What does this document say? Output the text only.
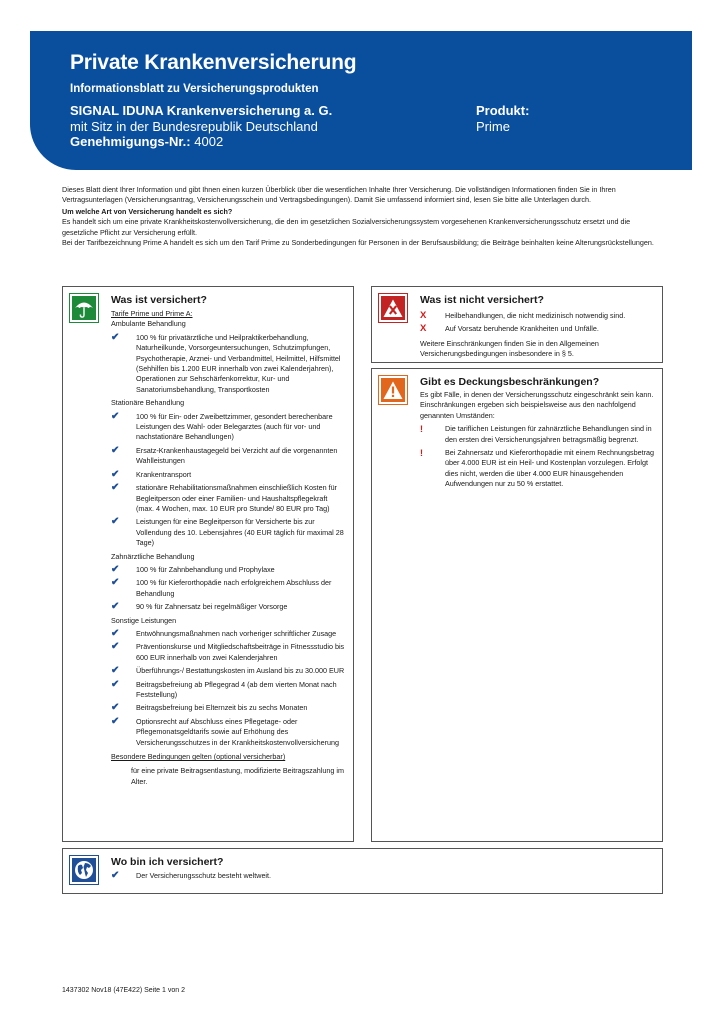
Private Krankenversicherung
Informationsblatt zu Versicherungsprodukten
SIGNAL IDUNA Krankenversicherung a. G.
mit Sitz in der Bundesrepublik Deutschland
Genehmigungs-Nr.: 4002
Produkt:
Prime

Dieses Blatt dient Ihrer Information und gibt Ihnen einen kurzen Überblick über die wesentlichen Inhalte Ihrer Versicherung. Die vollständigen Informationen finden Sie in Ihren Vertragsunterlagen (Versicherungsantrag, Versicherungsschein und Vertragsbedingungen). Damit Sie umfassend informiert sind, lesen Sie bitte alle Unterlagen durch.

Um welche Art von Versicherung handelt es sich?

Es handelt sich um eine private Krankheitskostenvollversicherung, die den im gesetzlichen Sozialversicherungssystem vorgesehenen Krankenversicherungsschutz ersetzt und die gesetzliche Pflicht zur Versicherung erfüllt.

Bei der Tarifbezeichnung Prime A handelt es sich um den Tarif Prime zu Sonderbedingungen für Personen in der Berufsausbildung; die Beiträge beinhalten keine Alterungsrückstellungen.

Was ist versichert?
Tarife Prime und Prime A:
Ambulante Behandlung
✔	100 % für privatärztliche und Heilpraktikerbehandlung, Naturheilkunde, Vorsorgeuntersuchungen, Schutzimpfungen, Psychotherapie, Arznei- und Verbandmittel, Heilmittel, Hilfsmittel (Sehhilfen bis 1.200 EUR innerhalb von zwei Kalenderjahren), Operationen zur Sehschärfenkorrektur, Kur- und Sanatoriumsbehandlung, Transportkosten
Stationäre Behandlung
✔	100 % für Ein- oder Zweibettzimmer, gesondert berechenbare Leistungen des Wahl- oder Belegarztes (auch für vor- und nachstationäre Behandlungen)
✔	Ersatz-Krankenhaustagegeld bei Verzicht auf die vorgenannten Wahlleistungen
✔	Krankentransport
✔	stationäre Rehabilitationsmaßnahmen einschließlich Kosten für Begleitperson oder einer Familien- und Haushaltspflegekraft (max. 4 Wochen, max. 10 EUR pro Stunde/ 80 EUR pro Tag)
✔	Leistungen für eine Begleitperson für Versicherte bis zur Vollendung des 10. Lebensjahres (40 EUR täglich für maximal 28 Tage)
Zahnärztliche Behandlung
✔	100 % für Zahnbehandlung und Prophylaxe
✔	100 % für Kieferorthopädie nach erfolgreichem Abschluss der Behandlung
✔	90 % für Zahnersatz bei regelmäßiger Vorsorge
Sonstige Leistungen
✔	Entwöhnungsmaßnahmen nach vorheriger schriftlicher Zusage
✔	Präventionskurse und Mitgliedschaftsbeiträge in Fitnessstudio bis 600 EUR innerhalb von zwei Kalenderjahren
✔	Überführungs-/ Bestattungskosten im Ausland bis zu 30.000 EUR
✔	Beitragsbefreiung ab Pflegegrad 4 (ab dem vierten Monat nach Feststellung)
✔	Beitragsbefreiung bei Elternzeit bis zu sechs Monaten
✔	Optionsrecht auf Abschluss eines Pflegetage- oder Pflegemonatsgeldtarifs sowie auf Erhöhung des Versicherungsschutzes in der Krankheitskostenvollversicherung
Besondere Bedingungen gelten (optional versicherbar)
für eine private Beitragsentlastung, modifizierte Beitragszahlung im Alter.
Was ist nicht versichert?
X	Heilbehandlungen, die nicht medizinisch notwendig sind.
X	Auf Vorsatz beruhende Krankheiten und Unfälle.
Weitere Einschränkungen finden Sie in den Allgemeinen Versicherungsbedingungen insbesondere in § 5.
Gibt es Deckungsbeschränkungen?
Es gibt Fälle, in denen der Versicherungsschutz eingeschränkt sein kann. Einschränkungen ergeben sich beispielsweise aus den nachfolgend genannten Umständen:
!	Die tariflichen Leistungen für zahnärztliche Behandlungen sind in den ersten drei Versicherungsjahren betragsmäßig begrenzt.
!	Bei Zahnersatz und Kieferorthopädie mit einem Rechnungsbetrag über 4.000 EUR ist ein Heil- und Kostenplan vorzulegen. Erfolgt dies nicht, werden die über 4.000 EUR hinausgehenden Aufwendungen nur zu 50 % erstattet.
Wo bin ich versichert?
✔	Der Versicherungsschutz besteht weltweit.
1437302 Nov18 (47E422) Seite 1 von 2
